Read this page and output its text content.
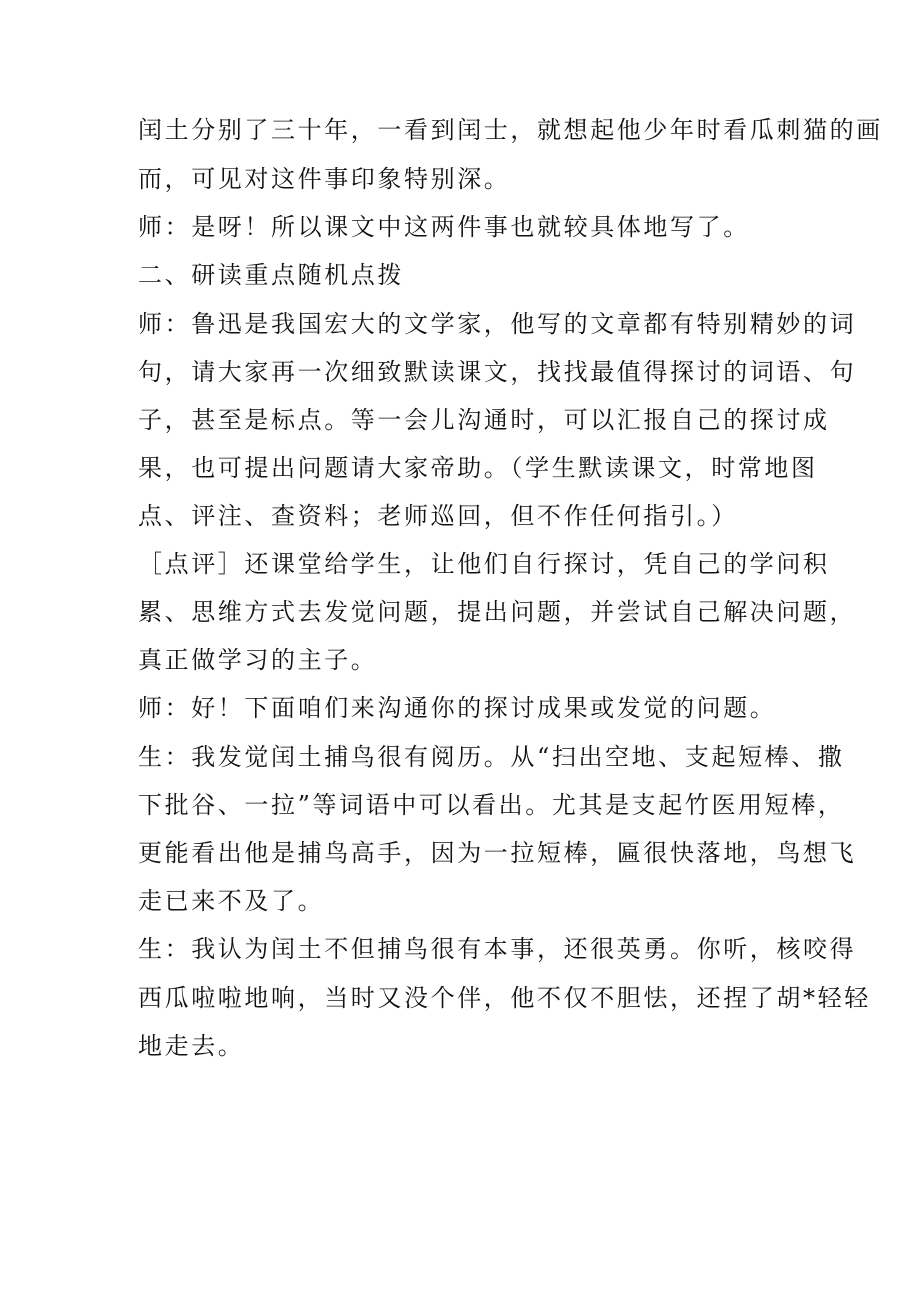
闰土分别了三十年，一看到闰士，就想起他少年时看瓜刺猫的画
而，可见对这件事印象特别深。
师：是呀！所以课文中这两件事也就较具体地写了。
二、研读重点随机点拨
师：鲁迅是我国宏大的文学家，他写的文章都有特别精妙的词
句，请大家再一次细致默读课文，找找最值得探讨的词语、句
子，甚至是标点。等一会儿沟通时，可以汇报自己的探讨成
果，也可提出问题请大家帝助。（学生默读课文，时常地图
点、评注、查资料；老师巡回，但不作任何指引。）
［点评］还课堂给学生，让他们自行探讨，凭自己的学问积
累、思维方式去发觉问题，提出问题，并尝试自己解决问题，
真正做学习的主子。
师：好！下面咱们来沟通你的探讨成果或发觉的问题。
生：我发觉闰土捕鸟很有阅历。从“扫出空地、支起短棒、撒
下批谷、一拉”等词语中可以看出。尤其是支起竹医用短棒，
更能看出他是捕鸟高手，因为一拉短棒，匾很快落地，鸟想飞
走已来不及了。
生：我认为闰土不但捕鸟很有本事，还很英勇。你听，核咬得
西瓜啦啦地响，当时又没个伴，他不仅不胆怯，还捏了胡*轻轻
地走去。
